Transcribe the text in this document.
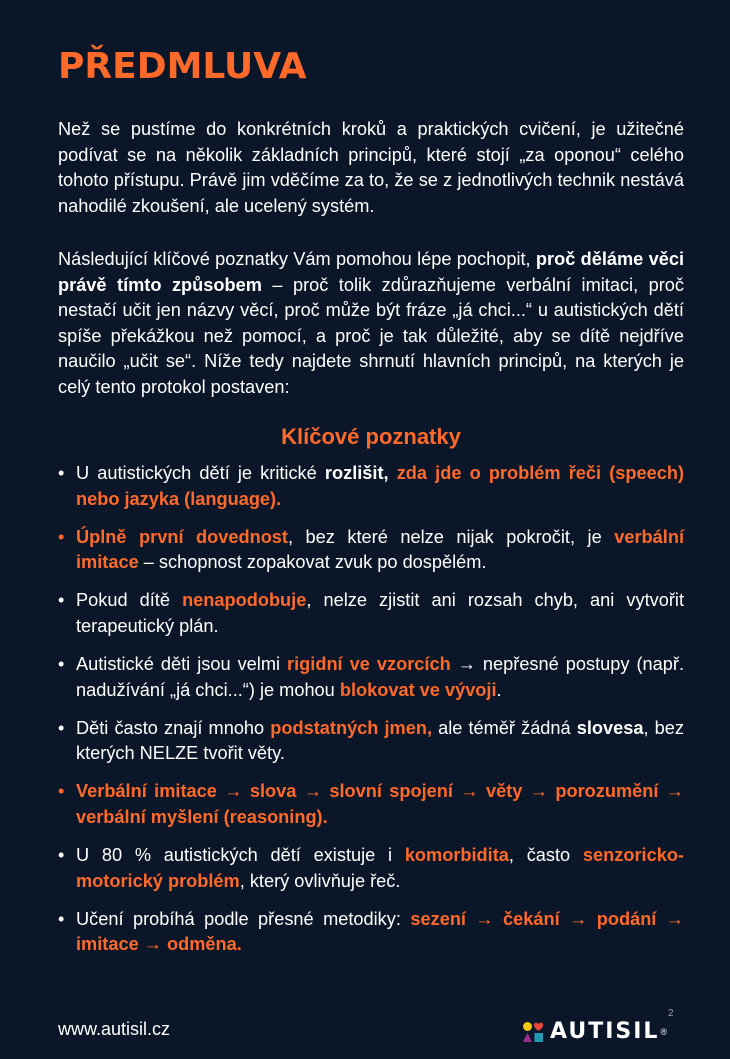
PŘEDMLUVA

Než se pustíme do konkrétních kroků a praktických cvičení, je užitečné podívat se na několik základních principů, které stojí „za oponou“ celého tohoto přístupu. Právě jim vděčíme za to, že se z jednotlivých technik nestává nahodilé zkoušení, ale ucelený systém.

Následující klíčové poznatky Vám pomohou lépe pochopit, proč děláme věci právě tímto způsobem – proč tolik zdůrazňujeme verbální imitaci, proč nestačí učit jen názvy věcí, proč může být fráze „já chci...“ u autistických dětí spíše překážkou než pomocí, a proč je tak důležité, aby se dítě nejdříve naučilo „učit se“. Níže tedy najdete shrnutí hlavních principů, na kterých je celý tento protokol postaven:

Klíčové poznatky
• U autistických dětí je kritické rozlišit, zda jde o problém řeči (speech) nebo jazyka (language).
• Úplně první dovednost, bez které nelze nijak pokročit, je verbální imitace – schopnost zopakovat zvuk po dospělém.
• Pokud dítě nenapodobuje, nelze zjistit ani rozsah chyb, ani vytvořit terapeutický plán.
• Autistické děti jsou velmi rigidní ve vzorcích → nepřesné postupy (např. nadužívání „já chci...“) je mohou blokovat ve vývoji.
• Děti často znají mnoho podstatných jmen, ale téměř žádná slovesa, bez kterých NELZE tvořit věty.
• Verbální imitace → slova → slovní spojení → věty → porozumění → verbální myšlení (reasoning).
• U 80 % autistických dětí existuje i komorbidita, často senzoricko-motorický problém, který ovlivňuje řeč.
• Učení probíhá podle přesné metodiky: sezení → čekání → podání → imitace → odměna.
www.autisil.cz
2
AUTISIL ®
